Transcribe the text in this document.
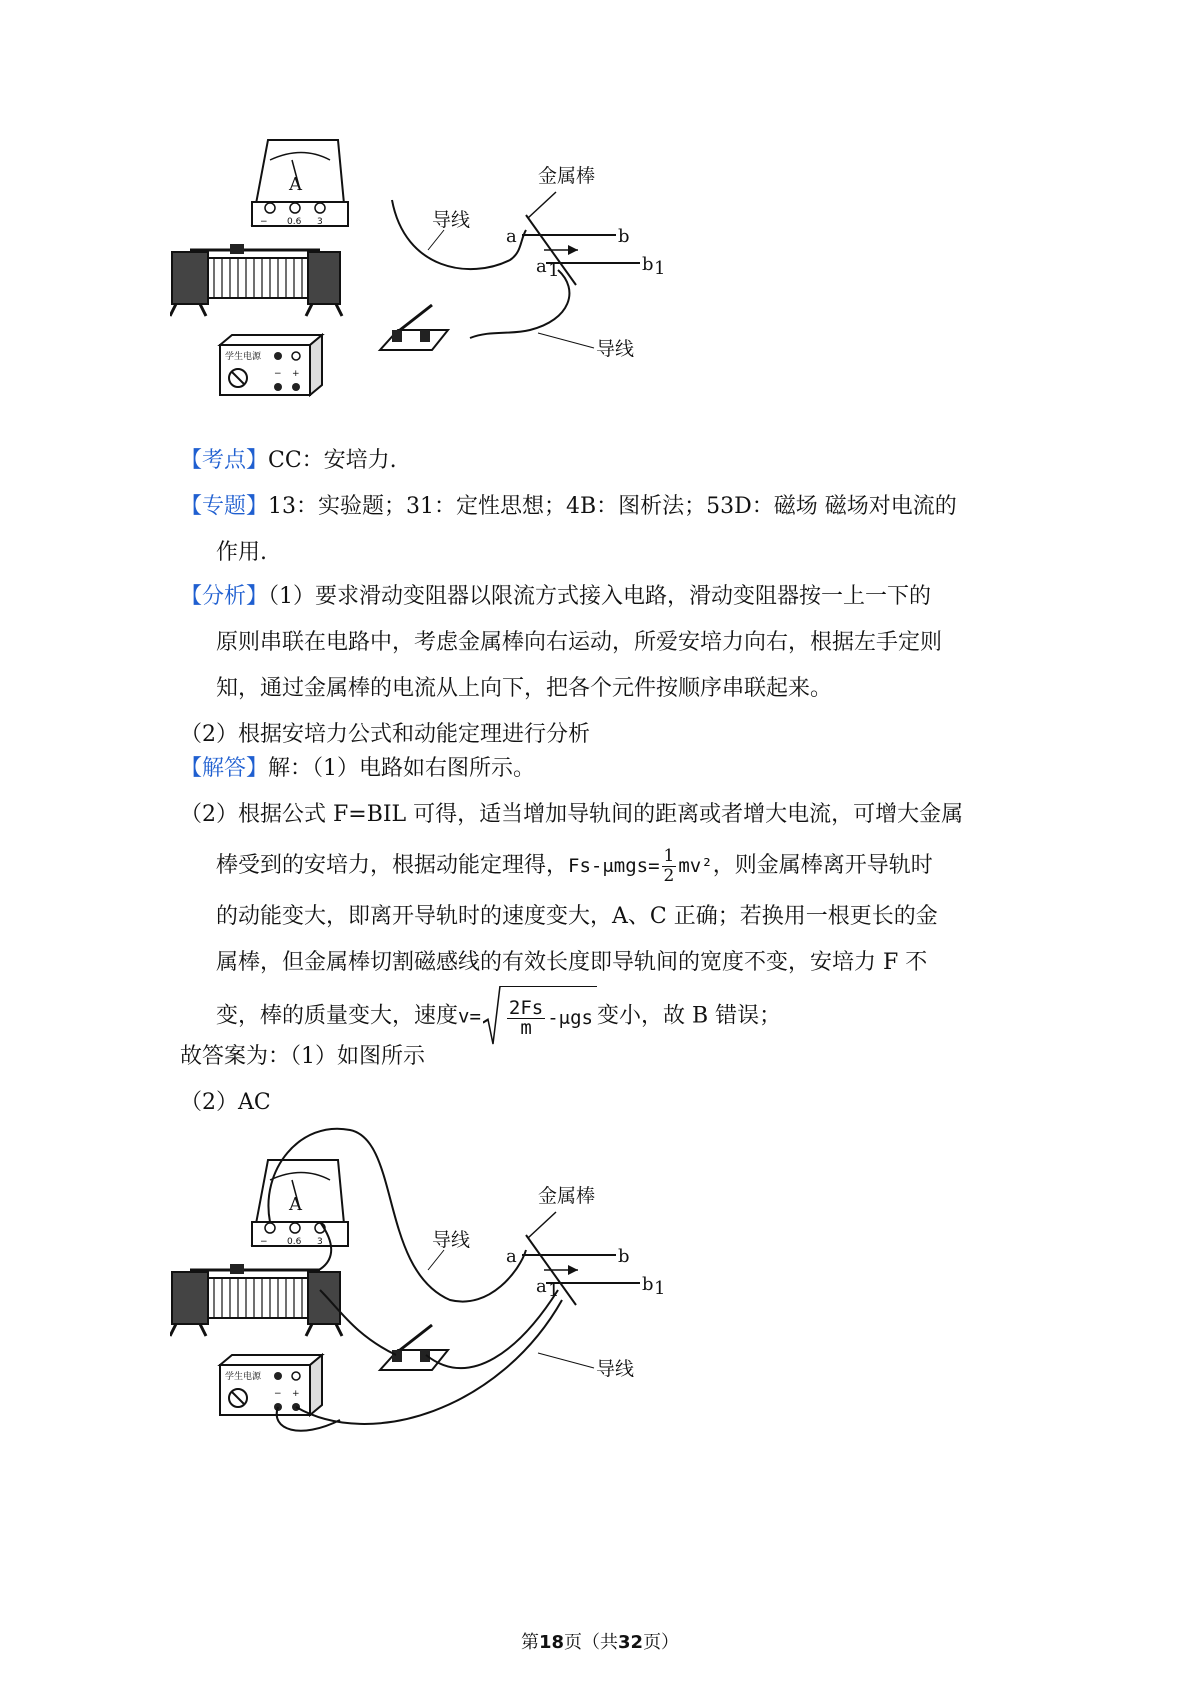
A
− 0.6 3
学生电源
− +
金属棒
a	b
a 1	b 1
导线
导线
【考点】CC：安培力.
【专题】13：实验题；31：定性思想；4B：图析法；53D：磁场 磁场对电流的
作用.
【分析】（1）要求滑动变阻器以限流方式接入电路，滑动变阻器按一上一下的
原则串联在电路中，考虑金属棒向右运动，所爱安培力向右，根据左手定则
知，通过金属棒的电流从上向下，把各个元件按顺序串联起来。
（2）根据安培力公式和动能定理进行分析
【解答】解：（1）电路如右图所示。
（2）根据公式 F=BIL 可得，适当增加导轨间的距离或者增大电流，可增大金属
棒受到的安培力，根据动能定理得，$Fs-\mu mgs= \frac{1}{2} mv^2$，则金属棒离开导轨时
的动能变大，即离开导轨时的速度变大，A、C 正确；若换用一根更长的金
属棒，但金属棒切割磁感线的有效长度即导轨间的宽度不变，安培力 F 不
变，棒的质量变大，速度$v= \frac{2Fs}{m} -\mu gs$ 变小，故 B 错误；
故答案为：（1）如图所示
（2）AC
A
− 0.6 3
学生电源
− +
金属棒
a	b
a 1	b 1
导线
导线
第18页（共32页）
